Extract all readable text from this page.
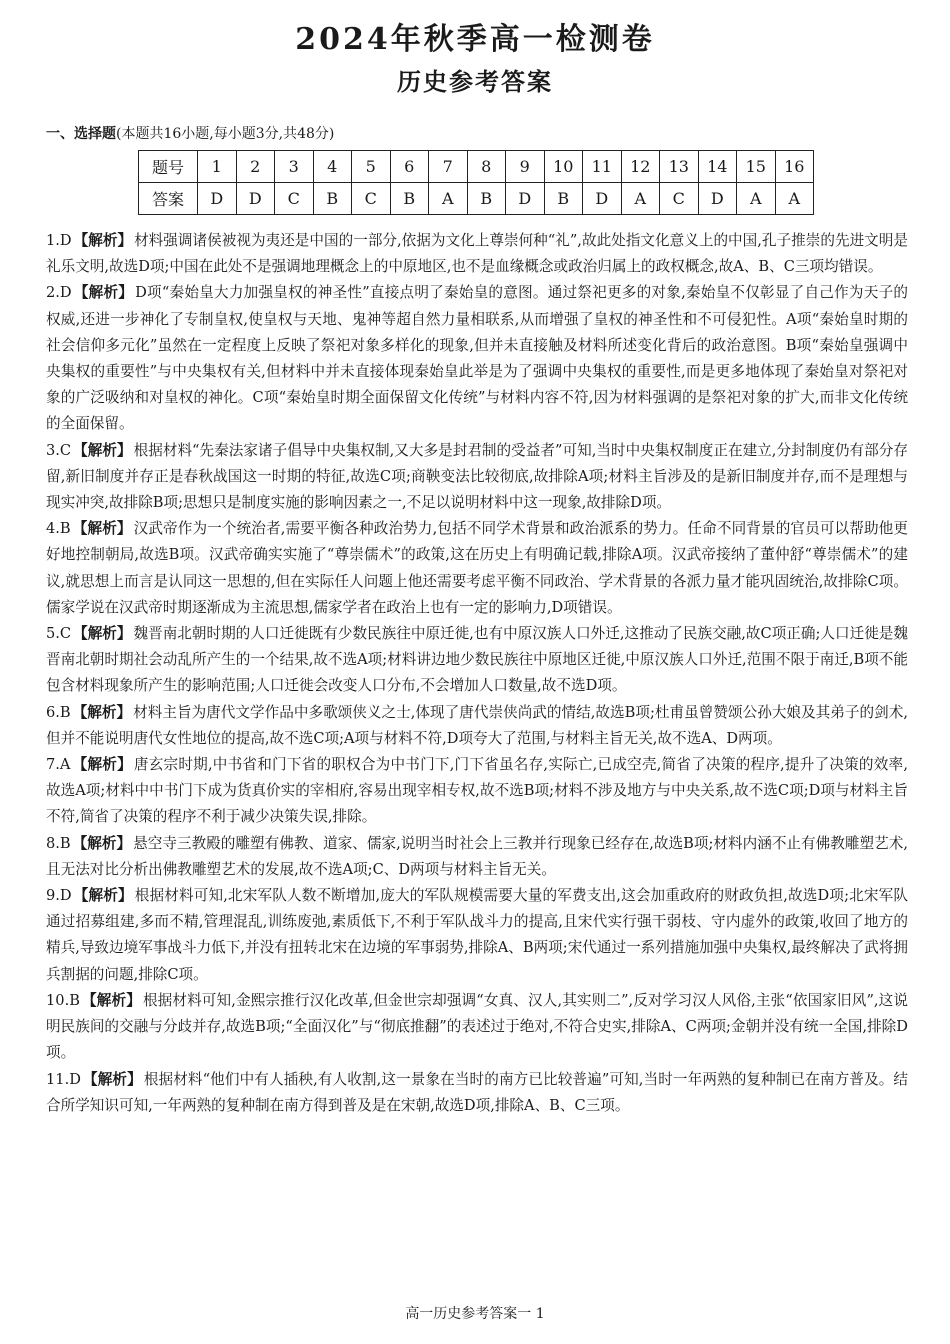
2024年秋季高一检测卷
历史参考答案
一、选择题(本题共16小题,每小题3分,共48分)
题号	1	2	3	4	5	6	7	8	9	10	11	12	13	14	15	16
答案	D	D	C	B	C	B	A	B	D	B	D	A	C	D	A	A

1.D 【解析】 材料强调诸侯被视为夷还是中国的一部分,依据为文化上尊崇何种“礼”,故此处指文化意义上的中国,孔子推崇的先进文明是礼乐文明,故选D项;中国在此处不是强调地理概念上的中原地区,也不是血缘概念或政治归属上的政权概念,故A、B、C三项均错误。

2.D 【解析】 D项“秦始皇大力加强皇权的神圣性”直接点明了秦始皇的意图。通过祭祀更多的对象,秦始皇不仅彰显了自己作为天子的权威,还进一步神化了专制皇权,使皇权与天地、鬼神等超自然力量相联系,从而增强了皇权的神圣性和不可侵犯性。A项“秦始皇时期的社会信仰多元化”虽然在一定程度上反映了祭祀对象多样化的现象,但并未直接触及材料所述变化背后的政治意图。B项“秦始皇强调中央集权的重要性”与中央集权有关,但材料中并未直接体现秦始皇此举是为了强调中央集权的重要性,而是更多地体现了秦始皇对祭祀对象的广泛吸纳和对皇权的神化。C项“秦始皇时期全面保留文化传统”与材料内容不符,因为材料强调的是祭祀对象的扩大,而非文化传统的全面保留。

3.C 【解析】 根据材料“先秦法家诸子倡导中央集权制,又大多是封君制的受益者”可知,当时中央集权制度正在建立,分封制度仍有部分存留,新旧制度并存正是春秋战国这一时期的特征,故选C项;商鞅变法比较彻底,故排除A项;材料主旨涉及的是新旧制度并存,而不是理想与现实冲突,故排除B项;思想只是制度实施的影响因素之一,不足以说明材料中这一现象,故排除D项。

4.B 【解析】 汉武帝作为一个统治者,需要平衡各种政治势力,包括不同学术背景和政治派系的势力。任命不同背景的官员可以帮助他更好地控制朝局,故选B项。汉武帝确实实施了“尊崇儒术”的政策,这在历史上有明确记载,排除A项。汉武帝接纳了董仲舒“尊崇儒术”的建议,就思想上而言是认同这一思想的,但在实际任人问题上他还需要考虑平衡不同政治、学术背景的各派力量才能巩固统治,故排除C项。儒家学说在汉武帝时期逐渐成为主流思想,儒家学者在政治上也有一定的影响力,D项错误。

5.C 【解析】 魏晋南北朝时期的人口迁徙既有少数民族往中原迁徙,也有中原汉族人口外迁,这推动了民族交融,故C项正确;人口迁徙是魏晋南北朝时期社会动乱所产生的一个结果,故不选A项;材料讲边地少数民族往中原地区迁徙,中原汉族人口外迁,范围不限于南迁,B项不能包含材料现象所产生的影响范围;人口迁徙会改变人口分布,不会增加人口数量,故不选D项。

6.B 【解析】 材料主旨为唐代文学作品中多歌颂侠义之士,体现了唐代崇侠尚武的情结,故选B项;杜甫虽曾赞颂公孙大娘及其弟子的剑术,但并不能说明唐代女性地位的提高,故不选C项;A项与材料不符,D项夸大了范围,与材料主旨无关,故不选A、D两项。

7.A 【解析】 唐玄宗时期,中书省和门下省的职权合为中书门下,门下省虽名存,实际亡,已成空壳,简省了决策的程序,提升了决策的效率,故选A项;材料中中书门下成为货真价实的宰相府,容易出现宰相专权,故不选B项;材料不涉及地方与中央关系,故不选C项;D项与材料主旨不符,简省了决策的程序不利于减少决策失误,排除。

8.B 【解析】 悬空寺三教殿的雕塑有佛教、道家、儒家,说明当时社会上三教并行现象已经存在,故选B项;材料内涵不止有佛教雕塑艺术,且无法对比分析出佛教雕塑艺术的发展,故不选A项;C、D两项与材料主旨无关。

9.D 【解析】 根据材料可知,北宋军队人数不断增加,庞大的军队规模需要大量的军费支出,这会加重政府的财政负担,故选D项;北宋军队通过招募组建,多而不精,管理混乱,训练废弛,素质低下,不利于军队战斗力的提高,且宋代实行强干弱枝、守内虚外的政策,收回了地方的精兵,导致边境军事战斗力低下,并没有扭转北宋在边境的军事弱势,排除A、B两项;宋代通过一系列措施加强中央集权,最终解决了武将拥兵割据的问题,排除C项。

10.B 【解析】 根据材料可知,金熙宗推行汉化改革,但金世宗却强调“女真、汉人,其实则二”,反对学习汉人风俗,主张“依国家旧风”,这说明民族间的交融与分歧并存,故选B项;“全面汉化”与“彻底推翻”的表述过于绝对,不符合史实,排除A、C两项;金朝并没有统一全国,排除D项。

11.D 【解析】 根据材料“他们中有人插秧,有人收割,这一景象在当时的南方已比较普遍”可知,当时一年两熟的复种制已在南方普及。结合所学知识可知,一年两熟的复种制在南方得到普及是在宋朝,故选D项,排除A、B、C三项。

高一历史参考答案一 1
